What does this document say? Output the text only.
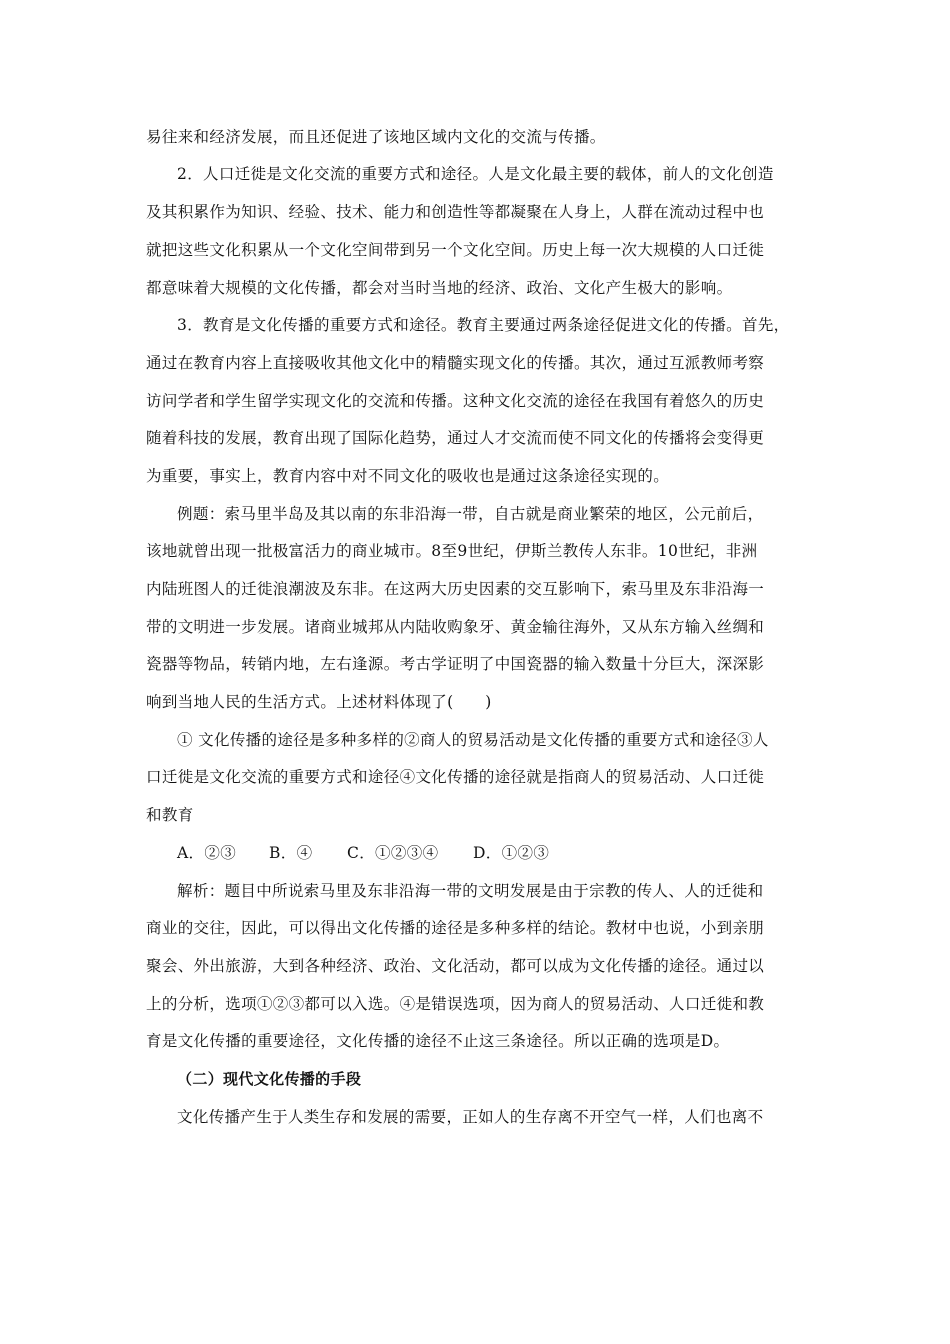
易往来和经济发展，而且还促进了该地区域内文化的交流与传播。
2．人口迁徙是文化交流的重要方式和途径。人是文化最主要的载体，前人的文化创造
及其积累作为知识、经验、技术、能力和创造性等都凝聚在人身上，人群在流动过程中也
就把这些文化积累从一个文化空间带到另一个文化空间。历史上每一次大规模的人口迁徙
都意味着大规模的文化传播，都会对当时当地的经济、政治、文化产生极大的影响。
3．教育是文化传播的重要方式和途径。教育主要通过两条途径促进文化的传播。首先，
通过在教育内容上直接吸收其他文化中的精髓实现文化的传播。其次，通过互派教师考察
访问学者和学生留学实现文化的交流和传播。这种文化交流的途径在我国有着悠久的历史
随着科技的发展，教育出现了国际化趋势，通过人才交流而使不同文化的传播将会变得更
为重要，事实上，教育内容中对不同文化的吸收也是通过这条途径实现的。
例题：索马里半岛及其以南的东非沿海一带，自古就是商业繁荣的地区，公元前后，
该地就曾出现一批极富活力的商业城市。8至9世纪，伊斯兰教传人东非。10世纪，非洲
内陆班图人的迁徙浪潮波及东非。在这两大历史因素的交互影响下，索马里及东非沿海一
带的文明进一步发展。诸商业城邦从内陆收购象牙、黄金输往海外，又从东方输入丝绸和
瓷器等物品，转销内地，左右逢源。考古学证明了中国瓷器的输入数量十分巨大，深深影
响到当地人民的生活方式。上述材料体现了(　　)
① 文化传播的途径是多种多样的②商人的贸易活动是文化传播的重要方式和途径③人
口迁徙是文化交流的重要方式和途径④文化传播的途径就是指商人的贸易活动、人口迁徙
和教育
A．②③ B．④ C．①②③④ D．①②③
解析：题目中所说索马里及东非沿海一带的文明发展是由于宗教的传人、人的迁徙和
商业的交往，因此，可以得出文化传播的途径是多种多样的结论。教材中也说，小到亲朋
聚会、外出旅游，大到各种经济、政治、文化活动，都可以成为文化传播的途径。通过以
上的分析，选项①②③都可以入选。④是错误选项，因为商人的贸易活动、人口迁徙和教
育是文化传播的重要途径，文化传播的途径不止这三条途径。所以正确的选项是D。
（二）现代文化传播的手段
文化传播产生于人类生存和发展的需要，正如人的生存离不开空气一样，人们也离不
